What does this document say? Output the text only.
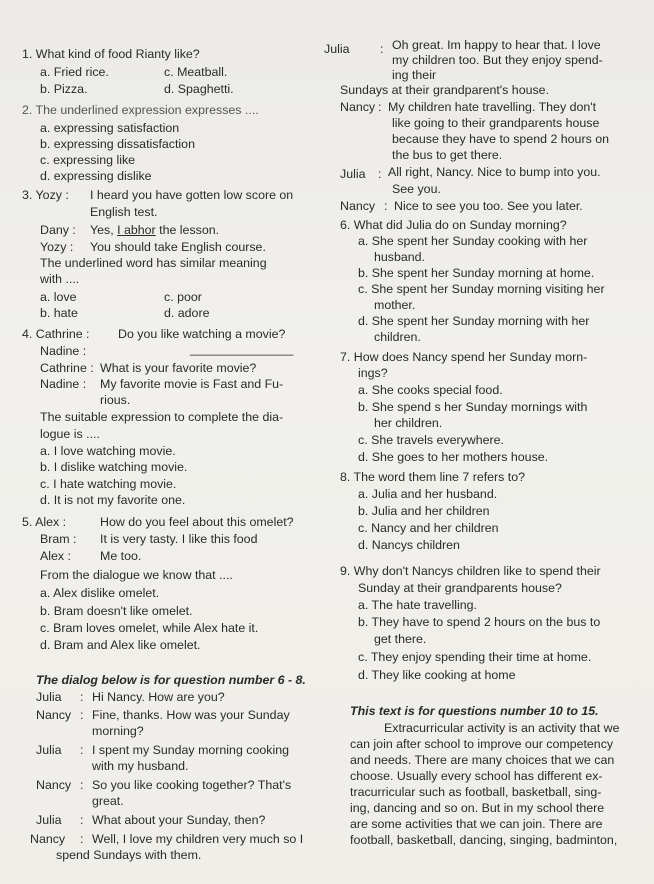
1. What kind of food Rianty like?
a. Fried rice.	c. Meatball.
b. Pizza.	d. Spaghetti.
2. The underlined expression expresses ....
a. expressing satisfaction
b. expressing dissatisfaction
c. expressing like
d. expressing dislike
3. Yozy : I heard you have gotten low score on
English test.
Dany : Yes, I abhor the lesson.
Yozy : You should take English course.
The underlined word has similar meaning
with ....
a. love	c. poor
b. hate	d. adore
4. Cathrine : Do you like watching a movie?
Nadine :	_______________
Cathrine : What is your favorite movie?
Nadine : My favorite movie is Fast and Fu-
rious.
The suitable expression to complete the dia-
logue is ....
a. I love watching movie.
b. I dislike watching movie.
c. I hate watching movie.
d. It is not my favorite one.
5. Alex :	How do you feel about this omelet?
Bram : It is very tasty. I like this food
Alex : Me too.
From the dialogue we know that ....
a. Alex dislike omelet.
b. Bram doesn't like omelet.
c. Bram loves omelet, while Alex hate it.
d. Bram and Alex like omelet.
The dialog below is for question number 6 - 8.
Julia : Hi Nancy. How are you?
Nancy : Fine, thanks. How was your Sunday
morning?
Julia : I spent my Sunday morning cooking
with my husband.
Nancy : So you like cooking together? That's
great.
Julia : What about your Sunday, then?
Nancy : Well, I love my children very much so I
spend Sundays with them.
Julia : Oh great. Im happy to hear that. I love
my children too. But they enjoy spend-
ing their
Sundays at their grandparent's house.
Nancy : My children hate travelling. They don't
like going to their grandparents house
because they have to spend 2 hours on
the bus to get there.
Julia : All right, Nancy. Nice to bump into you.
See you.
Nancy : Nice to see you too. See you later.
6. What did Julia do on Sunday morning?
a. She spent her Sunday cooking with her
husband.
b. She spent her Sunday morning at home.
c. She spent her Sunday morning visiting her
mother.
d. She spent her Sunday morning with her
children.
7. How does Nancy spend her Sunday morn-
ings?
a. She cooks special food.
b. She spend s her Sunday mornings with
her children.
c. She travels everywhere.
d. She goes to her mothers house.
8. The word them line 7 refers to?
a. Julia and her husband.
b. Julia and her children
c. Nancy and her children
d. Nancys children
9. Why don't Nancys children like to spend their
Sunday at their grandparents house?
a. The hate travelling.
b. They have to spend 2 hours on the bus to
get there.
c. They enjoy spending their time at home.
d. They like cooking at home
This text is for questions number 10 to 15.
Extracurricular activity is an activity that we
can join after school to improve our competency
and needs. There are many choices that we can
choose. Usually every school has different ex-
tracurricular such as football, basketball, sing-
ing, dancing and so on. But in my school there
are some activities that we can join. There are
football, basketball, dancing, singing, badminton,
